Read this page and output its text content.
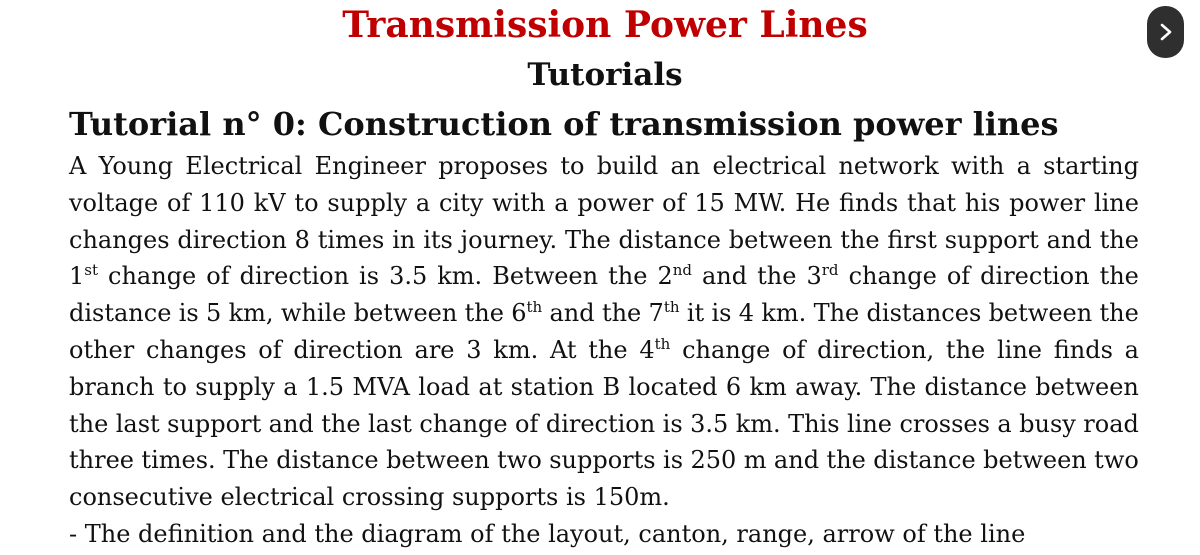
Transmission Power Lines
Tutorials
Tutorial n° 0: Construction of transmission power lines
A Young Electrical Engineer proposes to build an electrical network with a starting
voltage of 110 kV to supply a city with a power of 15 MW. He finds that his power line
changes direction 8 times in its journey. The distance between the first support and the
1st change of direction is 3.5 km. Between the 2nd and the 3rd change of direction the
distance is 5 km, while between the 6th and the 7th it is 4 km. The distances between the
other changes of direction are 3 km. At the 4th change of direction, the line finds a
branch to supply a 1.5 MVA load at station B located 6 km away. The distance between
the last support and the last change of direction is 3.5 km. This line crosses a busy road
three times. The distance between two supports is 250 m and the distance between two
consecutive electrical crossing supports is 150m.
- The definition and the diagram of the layout, canton, range, arrow of the line
